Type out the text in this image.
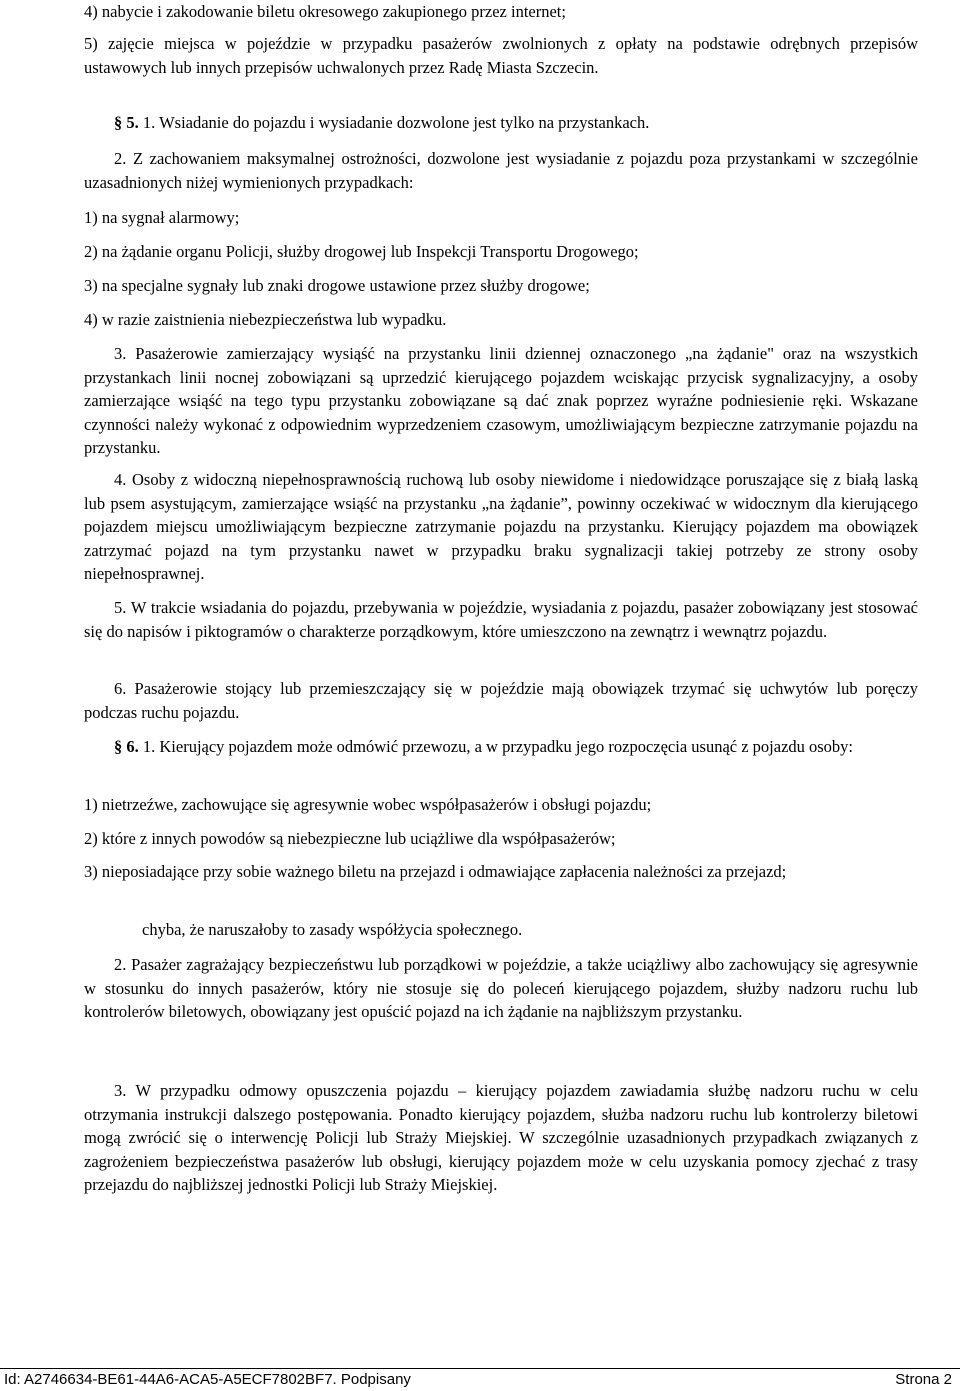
4) nabycie i zakodowanie biletu okresowego zakupionego przez internet;

5) zajęcie miejsca w pojeździe w przypadku pasażerów zwolnionych z opłaty na podstawie odrębnych przepisów ustawowych lub innych przepisów uchwalonych przez Radę Miasta Szczecin.

§ 5. 1. Wsiadanie do pojazdu i wysiadanie dozwolone jest tylko na przystankach.

2. Z zachowaniem maksymalnej ostrożności, dozwolone jest wysiadanie z pojazdu poza przystankami w szczególnie uzasadnionych niżej wymienionych przypadkach:

1) na sygnał alarmowy;

2) na żądanie organu Policji, służby drogowej lub Inspekcji Transportu Drogowego;

3) na specjalne sygnały lub znaki drogowe ustawione przez służby drogowe;

4) w razie zaistnienia niebezpieczeństwa lub wypadku.

3. Pasażerowie zamierzający wysiąść na przystanku linii dziennej oznaczonego „na żądanie" oraz na wszystkich przystankach linii nocnej zobowiązani są uprzedzić kierującego pojazdem wciskając przycisk sygnalizacyjny, a osoby zamierzające wsiąść na tego typu przystanku zobowiązane są dać znak poprzez wyraźne podniesienie ręki. Wskazane czynności należy wykonać z odpowiednim wyprzedzeniem czasowym, umożliwiającym bezpieczne zatrzymanie pojazdu na przystanku.

4. Osoby z widoczną niepełnosprawnością ruchową lub osoby niewidome i niedowidzące poruszające się z białą laską lub psem asystującym, zamierzające wsiąść na przystanku „na żądanie”, powinny oczekiwać w widocznym dla kierującego pojazdem miejscu umożliwiającym bezpieczne zatrzymanie pojazdu na przystanku. Kierujący pojazdem ma obowiązek zatrzymać pojazd na tym przystanku nawet w przypadku braku sygnalizacji takiej potrzeby ze strony osoby niepełnosprawnej.

5. W trakcie wsiadania do pojazdu, przebywania w pojeździe, wysiadania z pojazdu, pasażer zobowiązany jest stosować się do napisów i piktogramów o charakterze porządkowym, które umieszczono na zewnątrz i wewnątrz pojazdu.

6. Pasażerowie stojący lub przemieszczający się w pojeździe mają obowiązek trzymać się uchwytów lub poręczy podczas ruchu pojazdu.

§ 6. 1. Kierujący pojazdem może odmówić przewozu, a w przypadku jego rozpoczęcia usunąć z pojazdu osoby:

1) nietrzeźwe, zachowujące się agresywnie wobec współpasażerów i obsługi pojazdu;

2) które z innych powodów są niebezpieczne lub uciążliwe dla współpasażerów;

3) nieposiadające przy sobie ważnego biletu na przejazd i odmawiające zapłacenia należności za przejazd;

chyba, że naruszałoby to zasady współżycia społecznego.

2. Pasażer zagrażający bezpieczeństwu lub porządkowi w pojeździe, a także uciążliwy albo zachowujący się agresywnie w stosunku do innych pasażerów, który nie stosuje się do poleceń kierującego pojazdem, służby nadzoru ruchu lub kontrolerów biletowych, obowiązany jest opuścić pojazd na ich żądanie na najbliższym przystanku.

3. W przypadku odmowy opuszczenia pojazdu – kierujący pojazdem zawiadamia służbę nadzoru ruchu w celu otrzymania instrukcji dalszego postępowania. Ponadto kierujący pojazdem, służba nadzoru ruchu lub kontrolerzy biletowi mogą zwrócić się o interwencję Policji lub Straży Miejskiej. W szczególnie uzasadnionych przypadkach związanych z zagrożeniem bezpieczeństwa pasażerów lub obsługi, kierujący pojazdem może w celu uzyskania pomocy zjechać z trasy przejazdu do najbliższej jednostki Policji lub Straży Miejskiej.

Id: A2746634-BE61-44A6-ACA5-A5ECF7802BF7. Podpisany	Strona 2
